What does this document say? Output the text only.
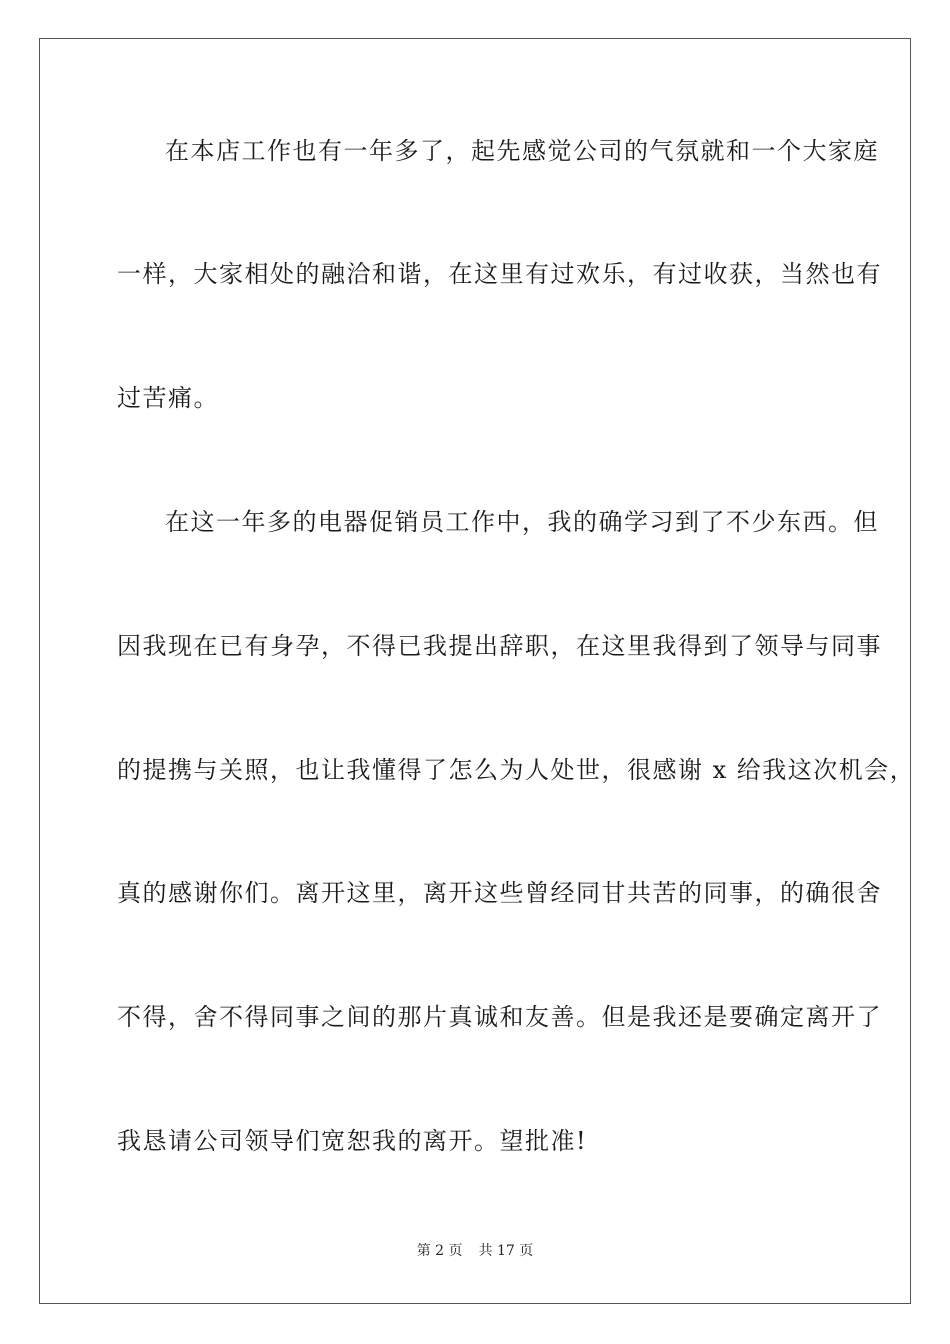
在本店工作也有一年多了，起先感觉公司的气氛就和一个大家庭
一样，大家相处的融洽和谐，在这里有过欢乐，有过收获，当然也有
过苦痛。
在这一年多的电器促销员工作中，我的确学习到了不少东西。但
因我现在已有身孕，不得已我提出辞职，在这里我得到了领导与同事
的提携与关照，也让我懂得了怎么为人处世，很感谢 x 给我这次机会，
真的感谢你们。离开这里，离开这些曾经同甘共苦的同事，的确很舍
不得，舍不得同事之间的那片真诚和友善。但是我还是要确定离开了
我恳请公司领导们宽恕我的离开。望批准!
第 2 页 共 17 页
